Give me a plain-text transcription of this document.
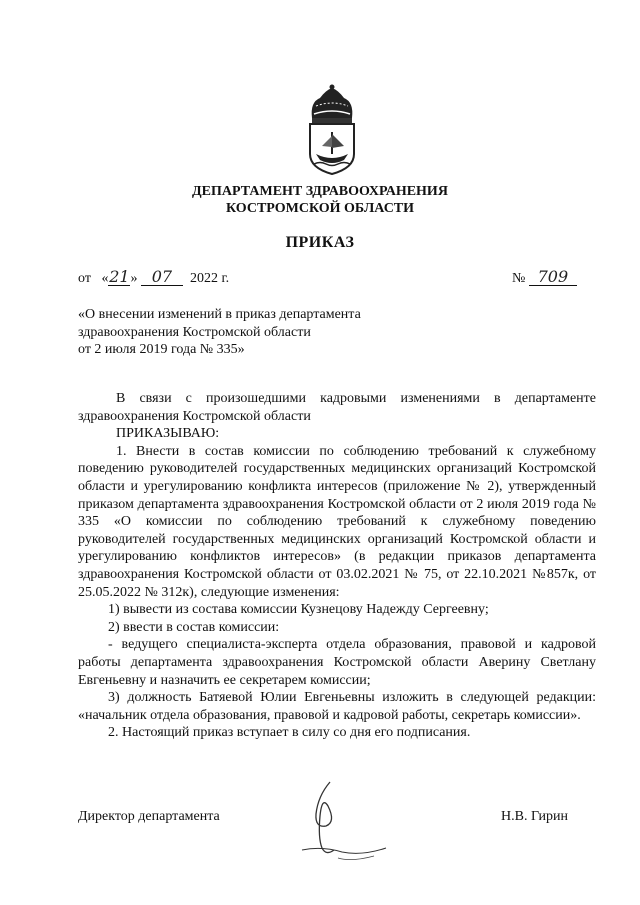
ДЕПАРТАМЕНТ ЗДРАВООХРАНЕНИЯ
КОСТРОМСКОЙ ОБЛАСТИ
ПРИКАЗ
от «21» 07 2022 г.	№ 709
«О внесении изменений в приказ департамента
здравоохранения Костромской области
от 2 июля 2019 года № 335»

В связи с произошедшими кадровыми изменениями в департаменте здравоохранения Костромской области

ПРИКАЗЫВАЮ:

1. Внести в состав комиссии по соблюдению требований к служебному поведению руководителей государственных медицинских организаций Костромской области и урегулированию конфликта интересов (приложение № 2), утвержденный приказом департамента здравоохранения Костромской области от 2 июля 2019 года № 335 «О комиссии по соблюдению требований к служебному поведению руководителей государственных медицинских организаций Костромской области и урегулированию конфликтов интересов» (в редакции приказов департамента здравоохранения Костромской области от 03.02.2021 № 75, от 22.10.2021 №857к, от 25.05.2022 № 312к), следующие изменения:

1) вывести из состава комиссии Кузнецову Надежду Сергеевну;

2) ввести в состав комиссии:

- ведущего специалиста-эксперта отдела образования, правовой и кадровой работы департамента здравоохранения Костромской области Аверину Светлану Евгеньевну и назначить ее секретарем комиссии;

3) должность Батяевой Юлии Евгеньевны изложить в следующей редакции: «начальник отдела образования, правовой и кадровой работы, секретарь комиссии».

2. Настоящий приказ вступает в силу со дня его подписания.

Директор департамента	Н.В. Гирин
